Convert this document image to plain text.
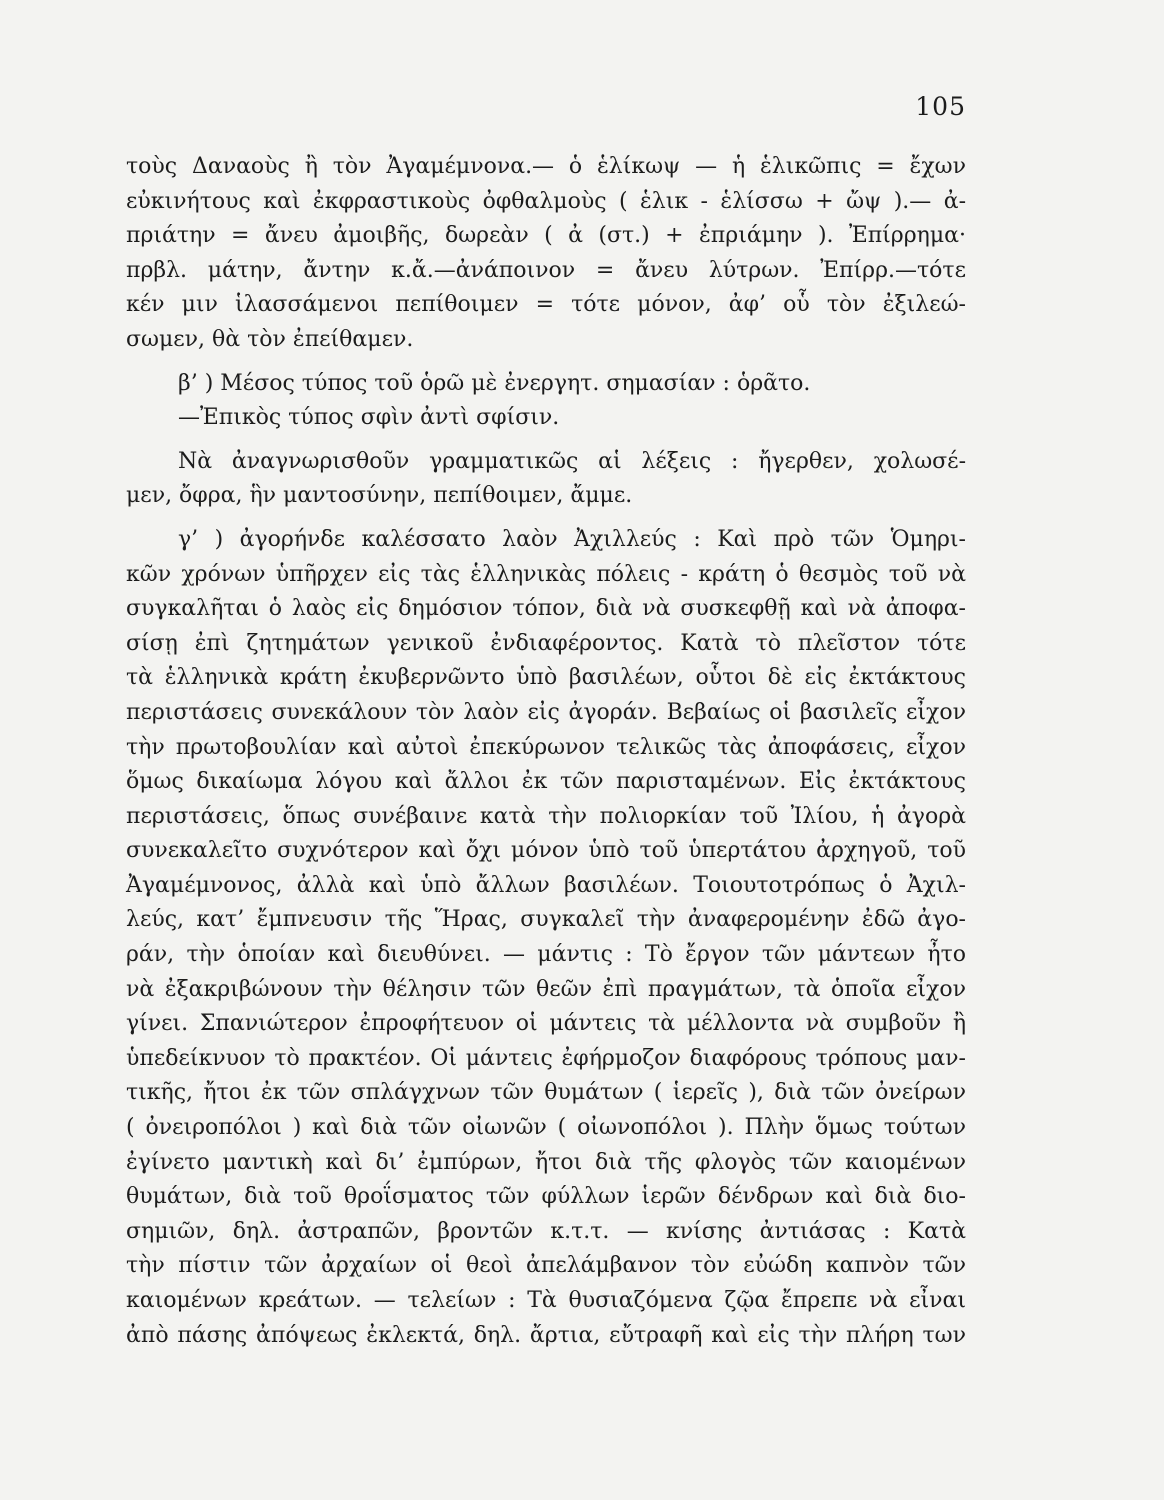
105
τοὺς Δαναοὺς ἢ τὸν Ἀγαμέμνονα.— ὁ ἑλίκωψ — ἡ ἑλικῶπις = ἔχων
εὐκινήτους καὶ ἐκφραστικοὺς ὀφθαλμοὺς ( ἑλικ - ἑλίσσω + ὤψ ).— ἀ-
πριάτην = ἄνευ ἀμοιβῆς, δωρεὰν ( ἀ (στ.) + ἐπριάμην ). Ἐπίρρημα·
πρβλ. μάτην, ἄντην κ.ἄ.—ἀνάποινον = ἄνευ λύτρων. Ἐπίρρ.—τότε
κέν μιν ἱλασσάμενοι πεπίθοιμεν = τότε μόνον, ἀφ’ οὗ τὸν ἐξιλεώ-
σωμεν, θὰ τὸν ἐπείθαμεν.
β’ ) Μέσος τύπος τοῦ ὁρῶ μὲ ἐνεργητ. σημασίαν : ὁρᾶτο.
—Ἐπικὸς τύπος σφὶν ἀντὶ σφίσιν.
Νὰ ἀναγνωρισθοῦν γραμματικῶς αἱ λέξεις : ἤγερθεν, χολωσέ-
μεν, ὄφρα, ἣν μαντοσύνην, πεπίθοιμεν, ἄμμε.
γ’ ) ἀγορήνδε καλέσσατο λαὸν Ἀχιλλεύς : Καὶ πρὸ τῶν Ὁμηρι-
κῶν χρόνων ὑπῆρχεν εἰς τὰς ἑλληνικὰς πόλεις - κράτη ὁ θεσμὸς τοῦ νὰ
συγκαλῆται ὁ λαὸς εἰς δημόσιον τόπον, διὰ νὰ συσκεφθῇ καὶ νὰ ἀποφα-
σίσῃ ἐπὶ ζητημάτων γενικοῦ ἐνδιαφέροντος. Κατὰ τὸ πλεῖστον τότε
τὰ ἑλληνικὰ κράτη ἐκυβερνῶντο ὑπὸ βασιλέων, οὗτοι δὲ εἰς ἐκτάκτους
περιστάσεις συνεκάλουν τὸν λαὸν εἰς ἀγοράν. Βεβαίως οἱ βασιλεῖς εἶχον
τὴν πρωτοβουλίαν καὶ αὐτοὶ ἐπεκύρωνον τελικῶς τὰς ἀποφάσεις, εἶχον
ὅμως δικαίωμα λόγου καὶ ἄλλοι ἐκ τῶν παρισταμένων. Εἰς ἐκτάκτους
περιστάσεις, ὅπως συνέβαινε κατὰ τὴν πολιορκίαν τοῦ Ἰλίου, ἡ ἀγορὰ
συνεκαλεῖτο συχνότερον καὶ ὄχι μόνον ὑπὸ τοῦ ὑπερτάτου ἀρχηγοῦ, τοῦ
Ἀγαμέμνονος, ἀλλὰ καὶ ὑπὸ ἄλλων βασιλέων. Τοιουτοτρόπως ὁ Ἀχιλ-
λεύς, κατ’ ἔμπνευσιν τῆς Ἥρας, συγκαλεῖ τὴν ἀναφερομένην ἐδῶ ἀγο-
ράν, τὴν ὁποίαν καὶ διευθύνει. — μάντις : Τὸ ἔργον τῶν μάντεων ἦτο
νὰ ἐξακριβώνουν τὴν θέλησιν τῶν θεῶν ἐπὶ πραγμάτων, τὰ ὁποῖα εἶχον
γίνει. Σπανιώτερον ἐπροφήτευον οἱ μάντεις τὰ μέλλοντα νὰ συμβοῦν ἢ
ὑπεδείκνυον τὸ πρακτέον. Οἱ μάντεις ἐφήρμοζον διαφόρους τρόπους μαν-
τικῆς, ἤτοι ἐκ τῶν σπλάγχνων τῶν θυμάτων ( ἱερεῖς ), διὰ τῶν ὀνείρων
( ὀνειροπόλοι ) καὶ διὰ τῶν οἰωνῶν ( οἰωνοπόλοι ). Πλὴν ὅμως τούτων
ἐγίνετο μαντικὴ καὶ δι’ ἐμπύρων, ἤτοι διὰ τῆς φλογὸς τῶν καιομένων
θυμάτων, διὰ τοῦ θροΐσματος τῶν φύλλων ἱερῶν δένδρων καὶ διὰ διο-
σημιῶν, δηλ. ἀστραπῶν, βροντῶν κ.τ.τ. — κνίσης ἀντιάσας : Κατὰ
τὴν πίστιν τῶν ἀρχαίων οἱ θεοὶ ἀπελάμβανον τὸν εὐώδη καπνὸν τῶν
καιομένων κρεάτων. — τελείων : Τὰ θυσιαζόμενα ζῷα ἔπρεπε νὰ εἶναι
ἀπὸ πάσης ἀπόψεως ἐκλεκτά, δηλ. ἄρτια, εὔτραφῆ καὶ εἰς τὴν πλήρη των
